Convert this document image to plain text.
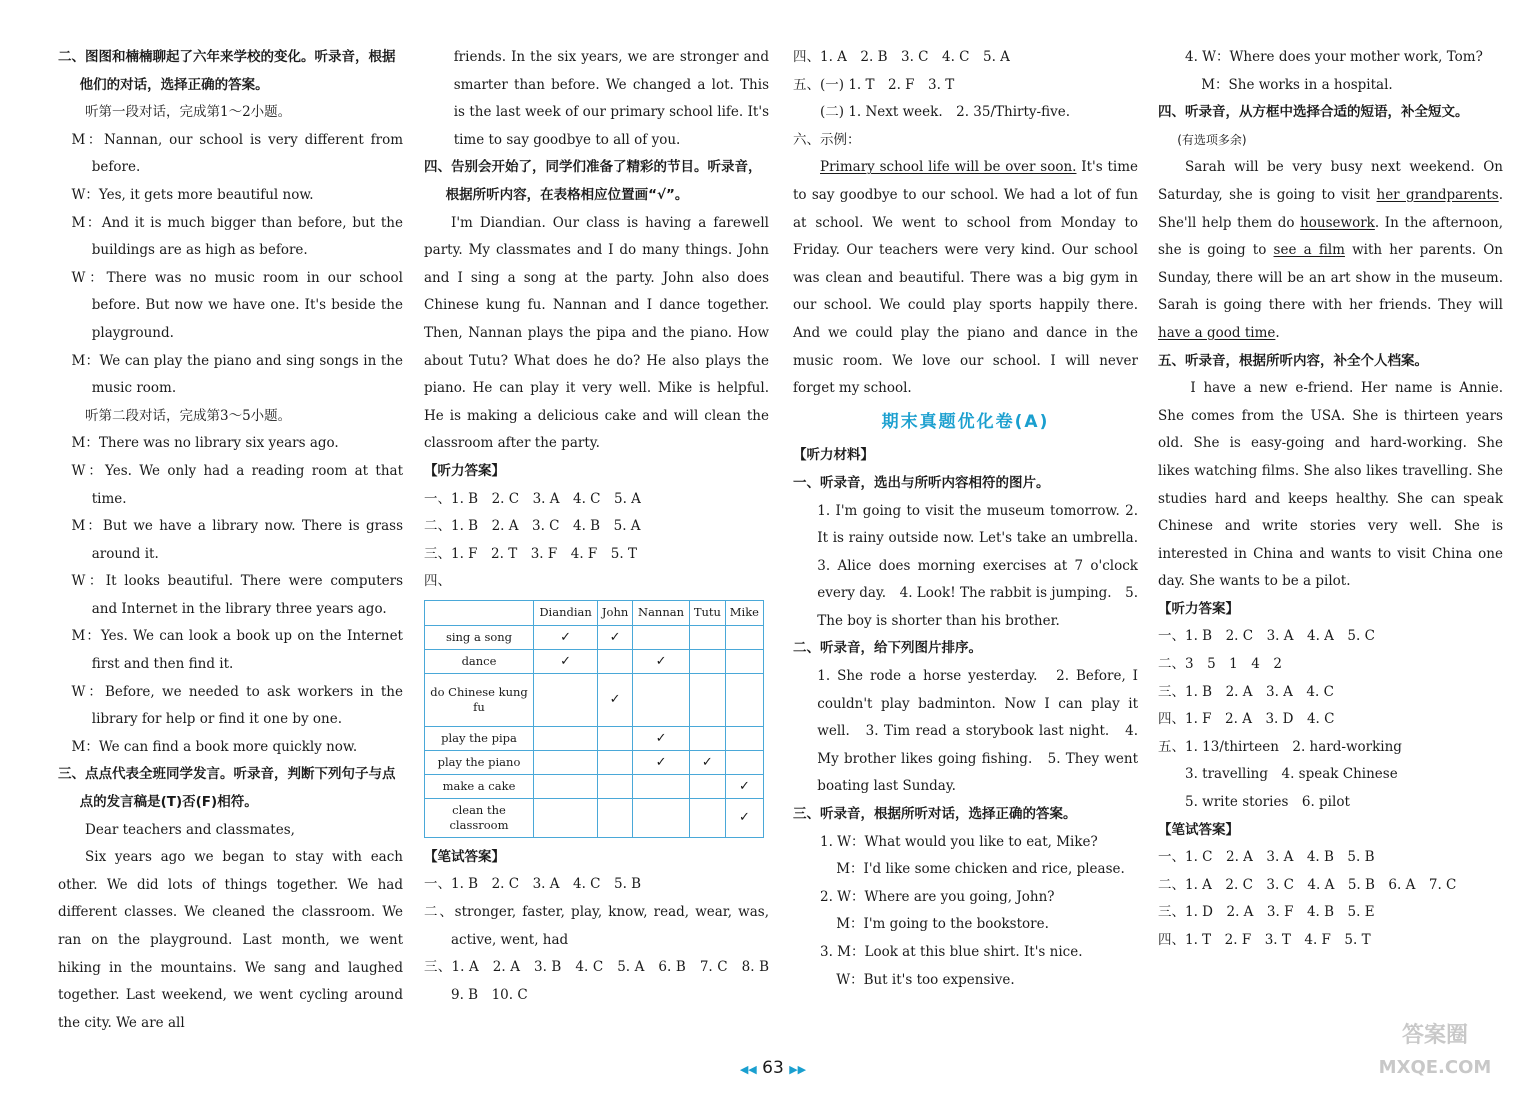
二、图图和楠楠聊起了六年来学校的变化。听录音，根据他们的对话，选择正确的答案。

听第一段对话，完成第1～2小题。

M：Nannan, our school is very different from before.

W：Yes, it gets more beautiful now.

M：And it is much bigger than before, but the buildings are as high as before.

W：There was no music room in our school before. But now we have one. It's beside the playground.

M：We can play the piano and sing songs in the music room.

听第二段对话，完成第3～5小题。

M：There was no library six years ago.

W：Yes. We only had a reading room at that time.

M：But we have a library now. There is grass around it.

W：It looks beautiful. There were computers and Internet in the library three years ago.

M：Yes. We can look a book up on the Internet first and then find it.

W：Before, we needed to ask workers in the library for help or find it one by one.

M：We can find a book more quickly now.

三、点点代表全班同学发言。听录音，判断下列句子与点点的发言稿是(T)否(F)相符。

Dear teachers and classmates,

Six years ago we began to stay with each other. We did lots of things together. We had different classes. We cleaned the classroom. We ran on the playground. Last month, we went hiking in the mountains. We sang and laughed together. Last weekend, we went cycling around the city. We are all

friends. In the six years, we are stronger and smarter than before. We changed a lot. This is the last week of our primary school life. It's time to say goodbye to all of you.

四、告别会开始了，同学们准备了精彩的节目。听录音，根据所听内容，在表格相应位置画“√”。

I'm Diandian. Our class is having a farewell party. My classmates and I do many things. John and I sing a song at the party. John also does Chinese kung fu. Nannan and I dance together. Then, Nannan plays the pipa and the piano. How about Tutu? What does he do? He also plays the piano. He can play it very well. Mike is helpful. He is making a delicious cake and will clean the classroom after the party.

【听力答案】

一、1. B　2. C　3. A　4. C　5. A

二、1. B　2. A　3. C　4. B　5. A

三、1. F　2. T　3. F　4. F　5. T

四、

	Diandian	John	Nannan	Tutu	Mike
sing a song	✓	✓			
dance	✓		✓		
do Chinese kung fu		✓			
play the pipa			✓		
play the piano			✓	✓	
make a cake					✓
clean the classroom					✓

【笔试答案】

一、1. B　2. C　3. A　4. C　5. B

二、stronger, faster, play, know, read, wear, was, active, went, had

三、1. A　2. A　3. B　4. C　5. A　6. B　7. C　8. B　9. B　10. C

四、1. A　2. B　3. C　4. C　5. A

五、(一) 1. T　2. F　3. T

(二) 1. Next week.　2. 35/Thirty-five.

六、示例：

Primary school life will be over soon. It's time to say goodbye to our school. We had a lot of fun at school. We went to school from Monday to Friday. Our teachers were very kind. Our school was clean and beautiful. There was a big gym in our school. We could play sports happily there. And we could play the piano and dance in the music room. We love our school. I will never forget my school.

期末真题优化卷(A)

【听力材料】

一、听录音，选出与所听内容相符的图片。

1. I'm going to visit the museum tomorrow. 2. It is rainy outside now. Let's take an umbrella.　3. Alice does morning exercises at 7 o'clock every day.　4. Look! The rabbit is jumping.　5. The boy is shorter than his brother.

二、听录音，给下列图片排序。

1. She rode a horse yesterday.　2. Before, I couldn't play badminton. Now I can play it well.　3. Tim read a storybook last night.　4. My brother likes going fishing.　5. They went boating last Sunday.

三、听录音，根据所听对话，选择正确的答案。

1. W：What would you like to eat, Mike?

M：I'd like some chicken and rice, please.

2. W：Where are you going, John?

M：I'm going to the bookstore.

3. M：Look at this blue shirt. It's nice.

W：But it's too expensive.

4. W：Where does your mother work, Tom?

M：She works in a hospital.

四、听录音，从方框中选择合适的短语，补全短文。

(有选项多余)

Sarah will be very busy next weekend. On Saturday, she is going to visit her grandparents. She'll help them do housework. In the afternoon, she is going to see a film with her parents. On Sunday, there will be an art show in the museum. Sarah is going there with her friends. They will have a good time.

五、听录音，根据所听内容，补全个人档案。

I have a new e-friend. Her name is Annie. She comes from the USA. She is thirteen years old. She is easy-going and hard-working. She likes watching films. She also likes travelling. She studies hard and keeps healthy. She can speak Chinese and write stories very well. She is interested in China and wants to visit China one day. She wants to be a pilot.

【听力答案】

一、1. B　2. C　3. A　4. A　5. C

二、3　5　1　4　2

三、1. B　2. A　3. A　4. C

四、1. F　2. A　3. D　4. C

五、1. 13/thirteen　2. hard-working

3. travelling　4. speak Chinese

5. write stories　6. pilot

【笔试答案】

一、1. C　2. A　3. A　4. B　5. B

二、1. A　2. C　3. C　4. A　5. B　6. A　7. C

三、1. D　2. A　3. F　4. B　5. E

四、1. T　2. F　3. T　4. F　5. T

◀◀ 63 ▶▶
答案圈
MXQE.COM
